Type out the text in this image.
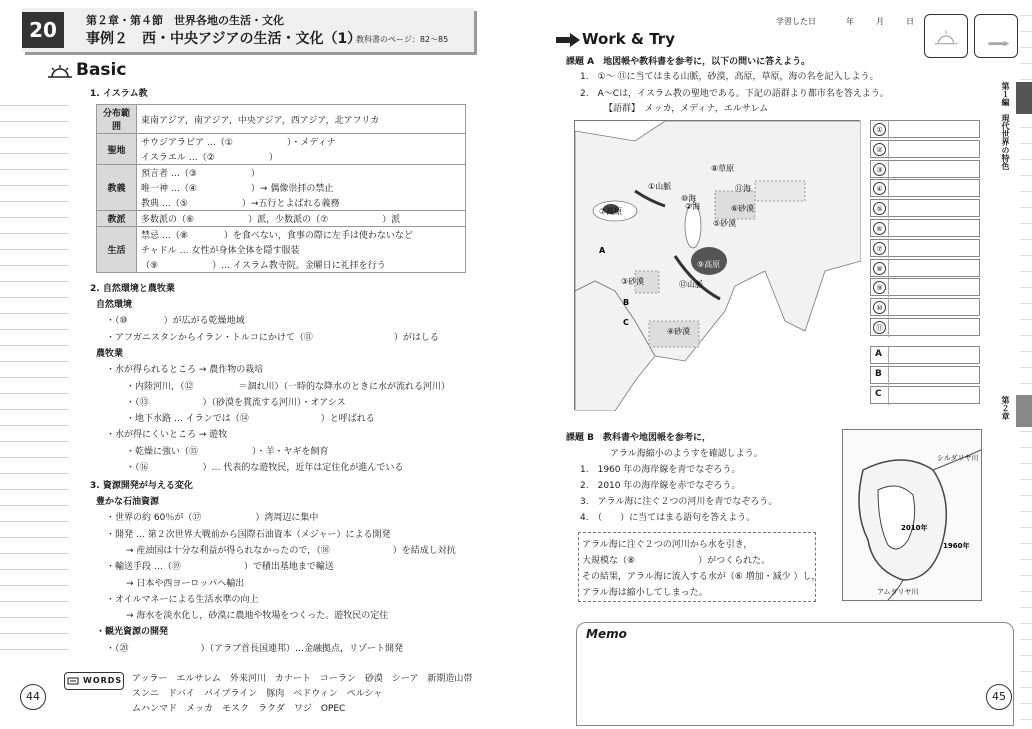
20	第２章・第４節　世界各地の生活・文化
事例２　西・中央アジアの生活・文化（1）
教科書のページ：82～85
Basic
1. イスラム教
分布範囲	東南アジア，南アジア，中央アジア，西アジア，北アフリカ
聖地	サウジアラビア …（①　　　　　　）・メディナ
	イスラエル …（②　　　　　　）
教義	預言者 …（③　　　　　　）
	唯一神 …（④　　　　　　）→ 偶像崇拝の禁止
	教典 …（⑤　　　　　　）→五行とよばれる義務
教派	多数派の（⑥　　　　　　）派，少数派の（⑦　　　　　　）派
生活	禁忌 …（⑧　　　　）を食べない，食事の際に左手は使わないなど
	チャドル … 女性が身体全体を隠す服装
	（⑨　　　　　　）… イスラム教寺院。金曜日に礼拝を行う
2. 自然環境と農牧業
自然環境
・（⑩　　　　）が広がる乾燥地域
・アフガニスタンからイラン・トルコにかけて（⑪　　　　　　　　　）がはしる
農牧業
・水が得られるところ → 農作物の栽培
・内陸河川，（⑫　　　　　＝涸れ川）（一時的な降水のときに水が流れる河川）
・（⑬　　　　　　）（砂漠を貫流する河川）・オアシス
・地下水路 … イランでは（⑭　　　　　　　　）と呼ばれる
・水が得にくいところ → 遊牧
・乾燥に強い（⑮　　　　　　）・羊・ヤギを飼育
・（⑯　　　　　　）… 代表的な遊牧民，近年は定住化が進んでいる
3. 資源開発が与える変化
豊かな石油資源
・世界の約 60％が（⑰　　　　　　）湾周辺に集中
・開発 … 第２次世界大戦前から国際石油資本（メジャー）による開発
→ 産油国は十分な利益が得られなかったので，（⑱　　　　　　　）を結成し対抗
・輸送手段 …（⑲　　　　　　　）で積出基地まで輸送
→ 日本や西ヨーロッパへ輸出
・オイルマネーによる生活水準の向上
→ 海水を淡水化し，砂漠に農地や牧場をつくった。遊牧民の定住
・観光資源の開発
・（⑳　　　　　　　　）（アラブ首長国連邦）…金融拠点，リゾート開発
WORDS アッラー　エルサレム　外来河川　カナート　コーラン　砂漠　シーア　新期造山帯
スンニ　ドバイ　パイプライン　豚肉　ベドウィン　ペルシャ
ムハンマド　メッカ　モスク　ラクダ　ワジ　OPEC
44
学習した日	年	月	日
Work & Try
課題 A　地図帳や教科書を参考に，以下の問いに答えよう。
1.　①～ ⑪に当てはまる山脈，砂漠，高原，草原，海の名を記入しよう。
2.　A～Cは，イスラム教の聖地である。下記の語群より都市名を答えよう。
【語群】　メッカ，メディナ，エルサレム
①山脈
②海
③砂漠
④砂漠
⑤砂漠
⑥砂漠
⑦高原
⑧草原
⑨高原
⑩海
⑪海
⑫山脈
A
B
C
①
②
③
④
⑤
⑥
⑦
⑧
⑨
⑩
⑪
A
B
C
課題 B　教科書や地図帳を参考に，
アラル海縮小のようすを確認しよう。
1.　1960 年の海岸線を青でなぞろう。
2.　2010 年の海岸線を赤でなぞろう。
3.　アラル海に注ぐ２つの河川を青でなぞろう。
4.　（　　）に当てはまる語句を答えよう。
アラル海に注ぐ２つの河川から水を引き，
大規模な（⑧　　　　　　　）がつくられた。
その結果，アラル海に流入する水が（⑥ 増加・減少 ）し，
アラル海は縮小してしまった。
シルダリヤ川
2010年
1960年
アムダリヤ川
Memo
45
第１編　現代世界の特色
第２章
